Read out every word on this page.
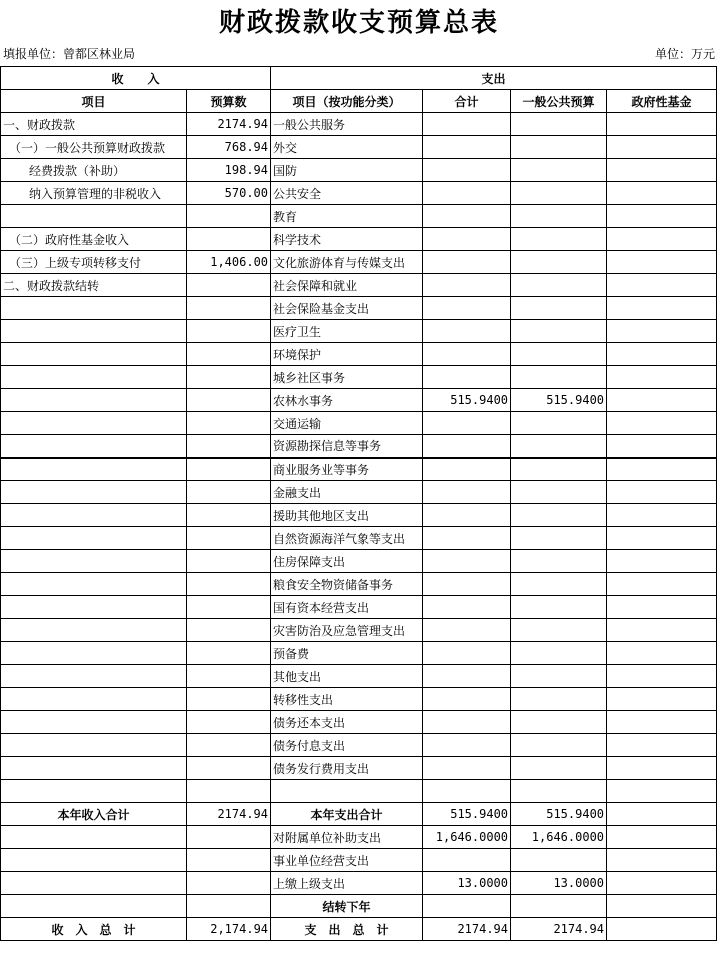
财政拨款收支预算总表
填报单位：曾都区林业局	单位：万元
收　　入		支出			
项目	预算数	项目（按功能分类）	合计	一般公共预算	政府性基金
一、财政拨款	2174.94	一般公共服务			
（一）一般公共预算财政拨款	768.94	外交			
经费拨款（补助）	198.94	国防			
纳入预算管理的非税收入	570.00	公共安全			
		教育			
（二）政府性基金收入		科学技术			
（三）上级专项转移支付	1,406.00	文化旅游体育与传媒支出			
二、财政拨款结转		社会保障和就业			
		社会保险基金支出			
		医疗卫生			
		环境保护			
		城乡社区事务			
		农林水事务	515.9400	515.9400	
		交通运输			
		资源勘探信息等事务			
		商业服务业等事务			
		金融支出			
		援助其他地区支出			
		自然资源海洋气象等支出			
		住房保障支出			
		粮食安全物资储备事务			
		国有资本经营支出			
		灾害防治及应急管理支出			
		预备费			
		其他支出			
		转移性支出			
		债务还本支出			
		债务付息支出			
		债务发行费用支出			

本年收入合计	2174.94	本年支出合计	515.9400	515.9400	
		对附属单位补助支出	1,646.0000	1,646.0000	
		事业单位经营支出			
		上缴上级支出	13.0000	13.0000	
		结转下年			
收　入　总　计	2,174.94	支　出　总　计	2174.94	2174.94	
